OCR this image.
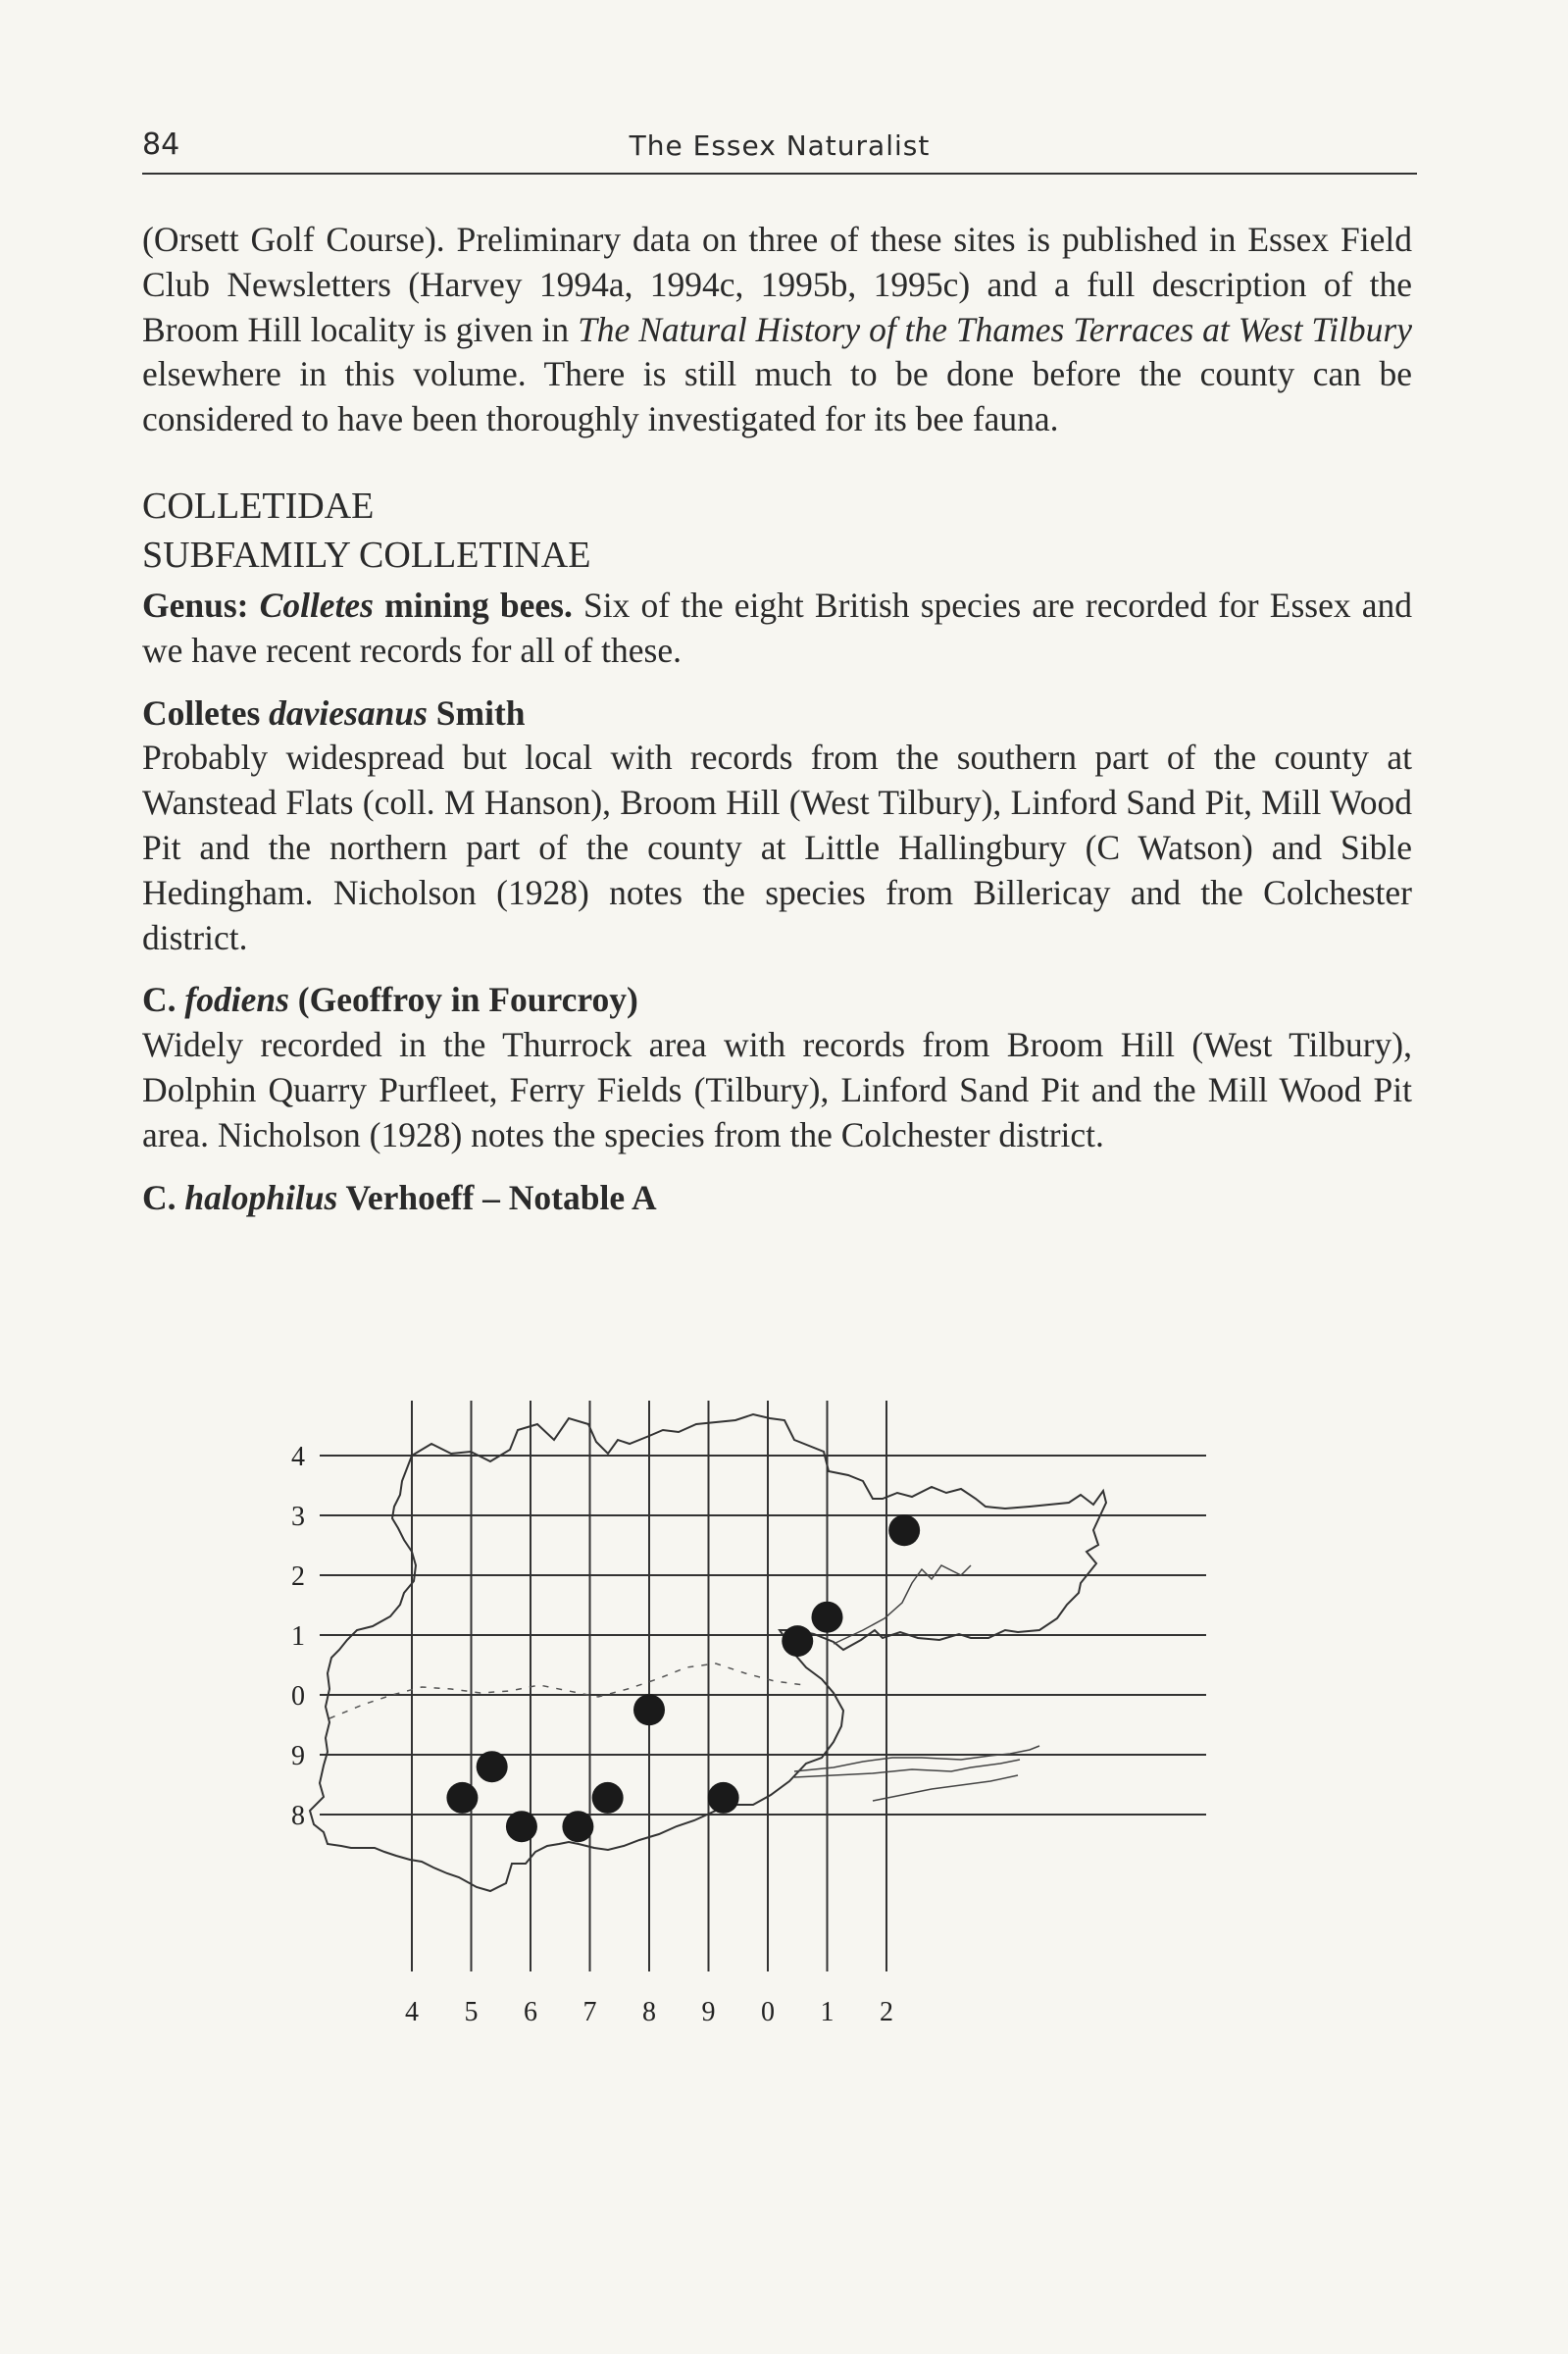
84	The Essex Naturalist

(Orsett Golf Course). Preliminary data on three of these sites is published in Essex Field Club Newsletters (Harvey 1994a, 1994c, 1995b, 1995c) and a full description of the Broom Hill locality is given in The Natural History of the Thames Terraces at West Tilbury elsewhere in this volume. There is still much to be done before the county can be considered to have been thoroughly investigated for its bee fauna.

COLLETIDAE

SUBFAMILY COLLETINAE

Genus: Colletes mining bees. Six of the eight British species are recorded for Essex and we have recent records for all of these.

Colletes daviesanus Smith

Probably widespread but local with records from the southern part of the county at Wanstead Flats (coll. M Hanson), Broom Hill (West Tilbury), Linford Sand Pit, Mill Wood Pit and the northern part of the county at Little Hallingbury (C Watson) and Sible Hedingham. Nicholson (1928) notes the species from Billericay and the Colchester district.

C. fodiens (Geoffroy in Fourcroy)

Widely recorded in the Thurrock area with records from Broom Hill (West Tilbury), Dolphin Quarry Purfleet, Ferry Fields (Tilbury), Linford Sand Pit and the Mill Wood Pit area. Nicholson (1928) notes the species from the Colchester district.

C. halophilus Verhoeff – Notable A

4 5 6 7 8 9 0 1 2
4
3
2
1
0
9
8
